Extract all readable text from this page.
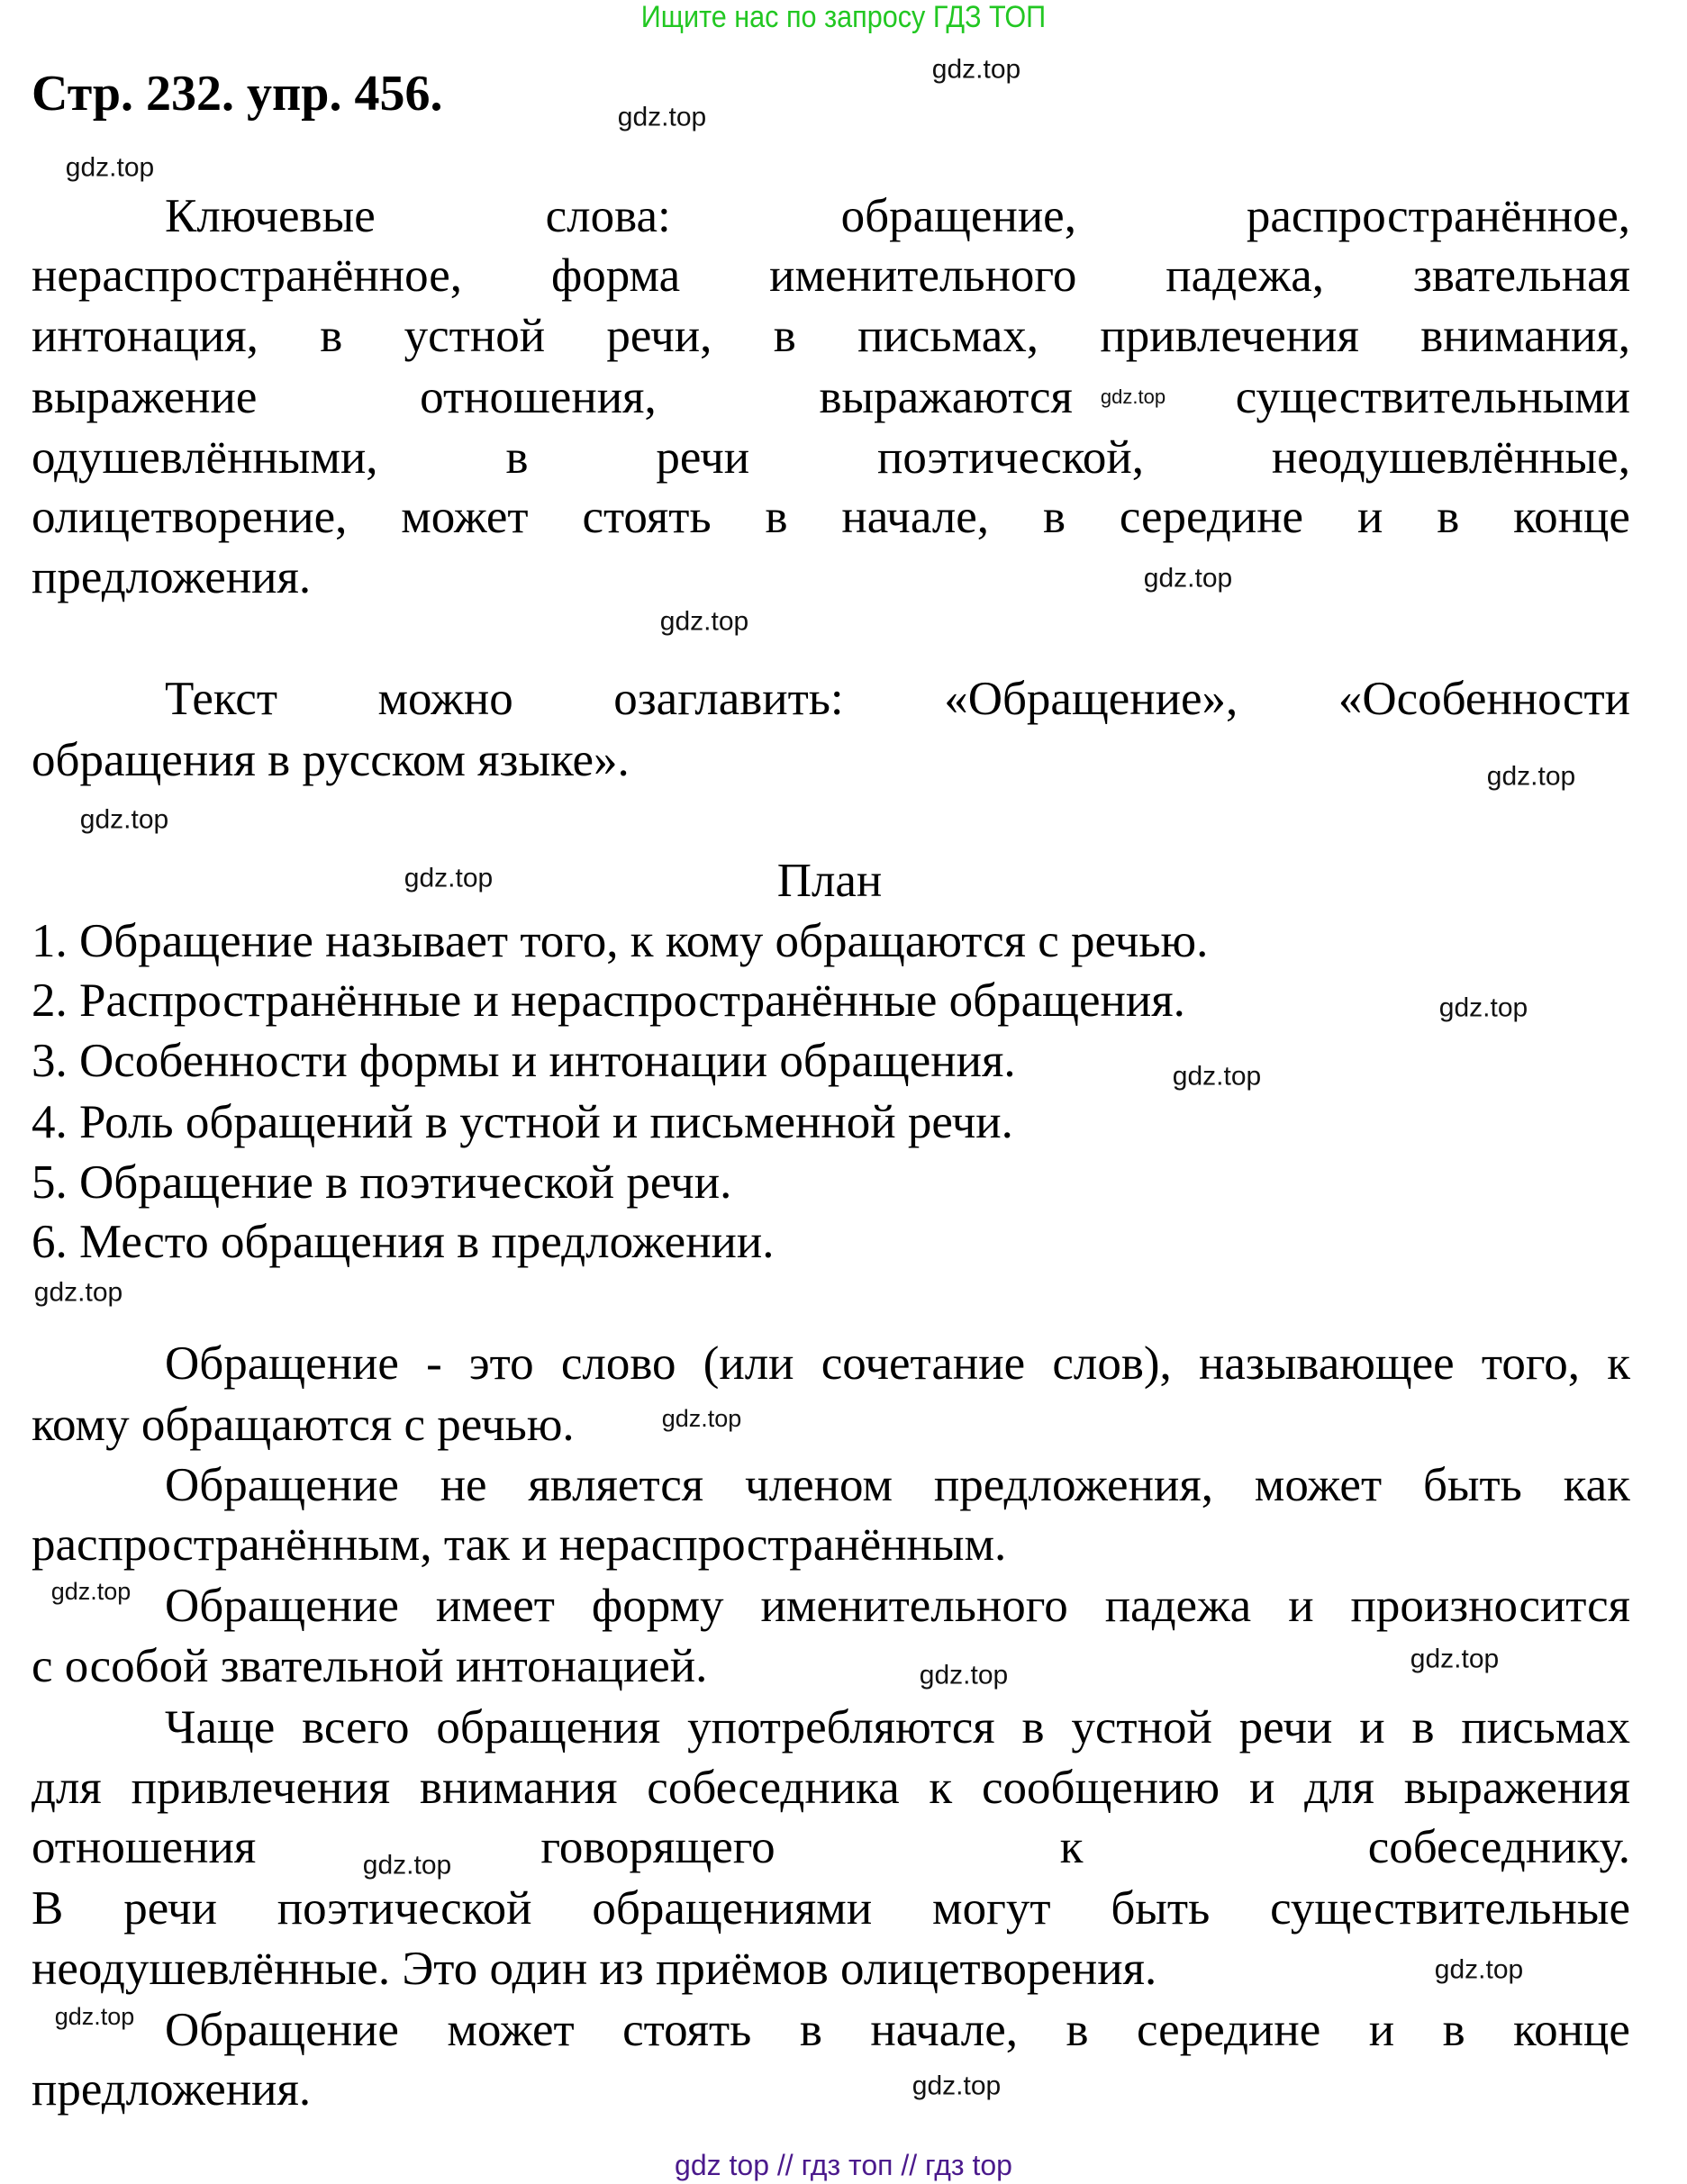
Ищите нас по запросу ГДЗ ТОП
Стр. 232. упр. 456.	gdz.top
gdz.top
gdz.top
gdz.top
gdz.top
gdz.top
gdz.top
gdz.top
gdz.top
gdz.top
gdz.top
gdz.top
gdz.top
gdz.top
gdz.top
gdz.top
gdz.top
gdz.top
gdz.top
gdz.top
Ключевые	слова:	обращение,	распространённое,
нераспространённое, форма именительного падежа, звательная
интонация, в устной речи, в письмах, привлечения внимания,
выражение	отношения,	выражаются	существительными
одушевлёнными,	в	речи	поэтической,	неодушевлённые,
олицетворение, может стоять в начале, в середине и в конце
предложения.
Текст можно озаглавить: «Обращение», «Особенности
обращения в русском языке».
План
1. Обращение называет того, к кому обращаются с речью.
2. Распространённые и нераспространённые обращения.
3. Особенности формы и интонации обращения.
4. Роль обращений в устной и письменной речи.
5. Обращение в поэтической речи.
6. Место обращения в предложении.
Обращение - это слово (или сочетание слов), называющее того, к
кому обращаются с речью.
Обращение не является членом предложения, может быть как
распространённым, так и нераспространённым.
Обращение имеет форму именительного падежа и произносится
с особой звательной интонацией.
Чаще всего обращения употребляются в устной речи и в письмах
для привлечения внимания собеседника к сообщению и для выражения
отношения	говорящего	к	собеседнику.
В речи поэтической обращениями могут быть существительные
неодушевлённые. Это один из приёмов олицетворения.
Обращение может стоять в начале, в середине и в конце
предложения.
gdz top // гдз топ // гдз top
